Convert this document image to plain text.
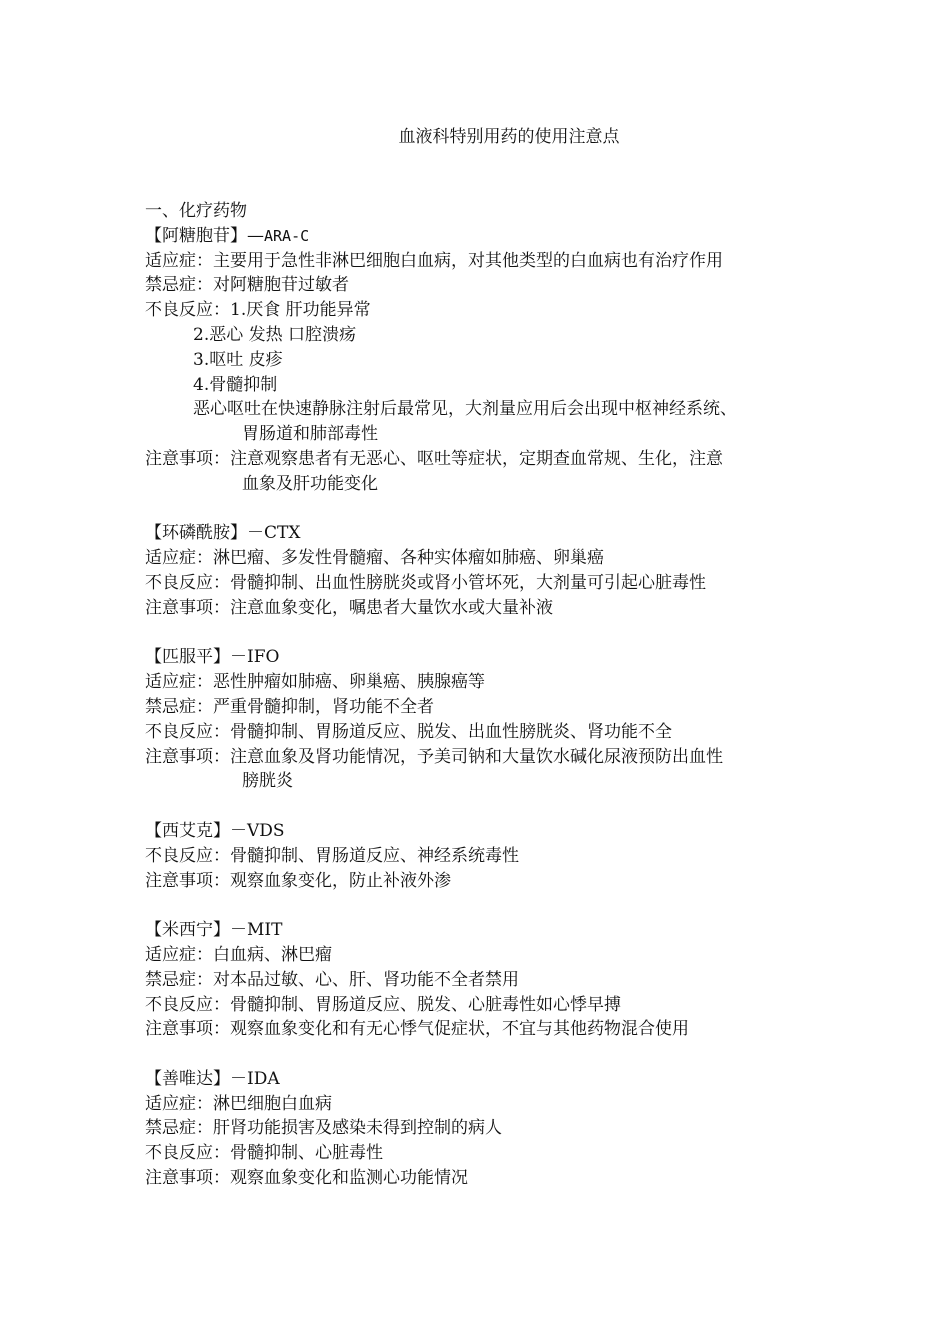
血液科特别用药的使用注意点
一、化疗药物
【阿糖胞苷】—ARA-C
适应症：主要用于急性非淋巴细胞白血病，对其他类型的白血病也有治疗作用
禁忌症：对阿糖胞苷过敏者
不良反应：1.厌食 肝功能异常
2.恶心 发热 口腔溃疡
3.呕吐 皮疹
4.骨髓抑制
恶心呕吐在快速静脉注射后最常见，大剂量应用后会出现中枢神经系统、
胃肠道和肺部毒性
注意事项：注意观察患者有无恶心、呕吐等症状，定期查血常规、生化，注意
血象及肝功能变化
【环磷酰胺】－CTX
适应症：淋巴瘤、多发性骨髓瘤、各种实体瘤如肺癌、卵巢癌
不良反应：骨髓抑制、出血性膀胱炎或肾小管坏死，大剂量可引起心脏毒性
注意事项：注意血象变化，嘱患者大量饮水或大量补液
【匹服平】－IFO
适应症：恶性肿瘤如肺癌、卵巢癌、胰腺癌等
禁忌症：严重骨髓抑制，肾功能不全者
不良反应：骨髓抑制、胃肠道反应、脱发、出血性膀胱炎、肾功能不全
注意事项：注意血象及肾功能情况，予美司钠和大量饮水碱化尿液预防出血性
膀胱炎
【西艾克】－VDS
不良反应：骨髓抑制、胃肠道反应、神经系统毒性
注意事项：观察血象变化，防止补液外渗
【米西宁】－MIT
适应症：白血病、淋巴瘤
禁忌症：对本品过敏、心、肝、肾功能不全者禁用
不良反应：骨髓抑制、胃肠道反应、脱发、心脏毒性如心悸早搏
注意事项：观察血象变化和有无心悸气促症状，不宜与其他药物混合使用
【善唯达】－IDA
适应症：淋巴细胞白血病
禁忌症：肝肾功能损害及感染未得到控制的病人
不良反应：骨髓抑制、心脏毒性
注意事项：观察血象变化和监测心功能情况
